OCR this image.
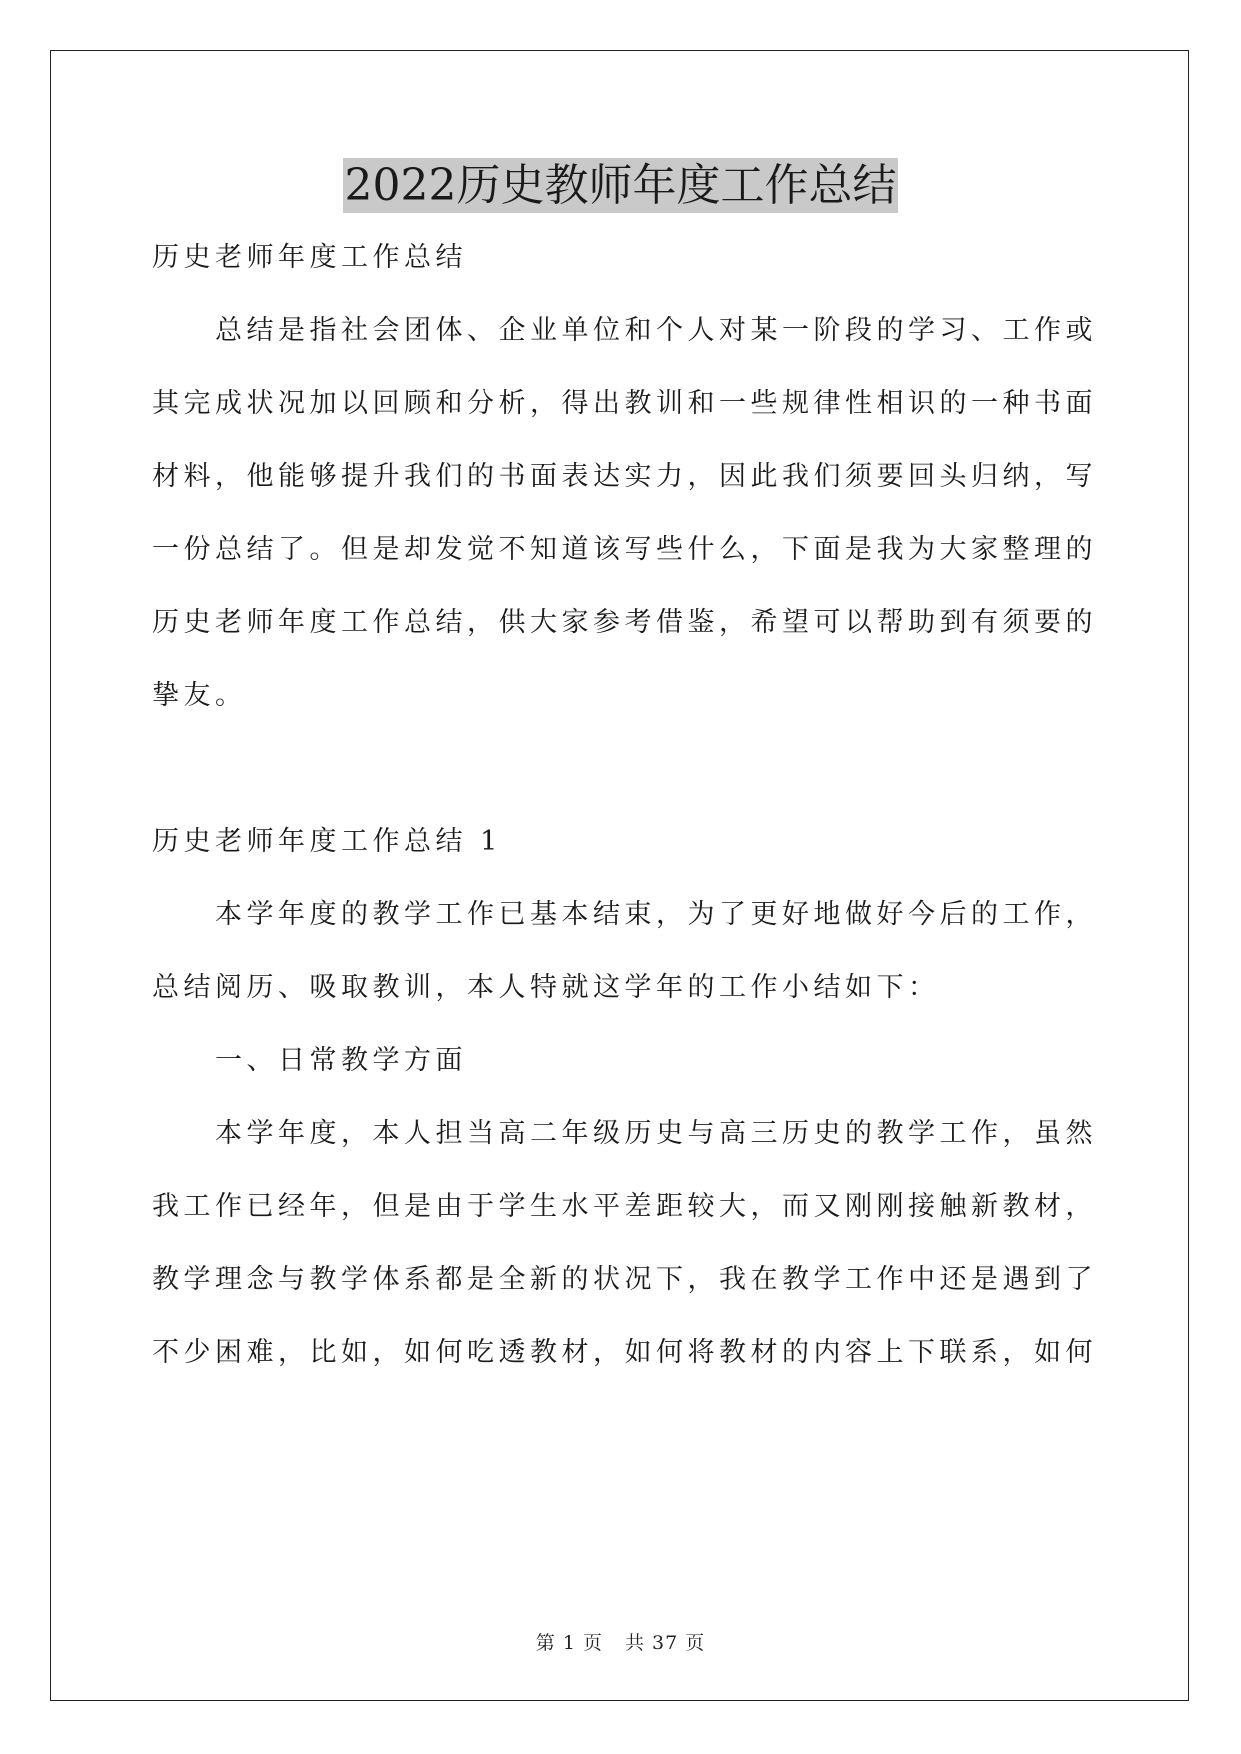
2022历史教师年度工作总结
历史老师年度工作总结
　　总结是指社会团体、企业单位和个人对某一阶段的学习、工作或
其完成状况加以回顾和分析，得出教训和一些规律性相识的一种书面
材料，他能够提升我们的书面表达实力，因此我们须要回头归纳，写
一份总结了。但是却发觉不知道该写些什么，下面是我为大家整理的
历史老师年度工作总结，供大家参考借鉴，希望可以帮助到有须要的
挚友。
历史老师年度工作总结 1
　　本学年度的教学工作已基本结束，为了更好地做好今后的工作，
总结阅历、吸取教训，本人特就这学年的工作小结如下：
　　一、日常教学方面
　　本学年度，本人担当高二年级历史与高三历史的教学工作，虽然
我工作已经年，但是由于学生水平差距较大，而又刚刚接触新教材，
教学理念与教学体系都是全新的状况下，我在教学工作中还是遇到了
不少困难，比如，如何吃透教材，如何将教材的内容上下联系，如何
第 1 页 共 37 页
